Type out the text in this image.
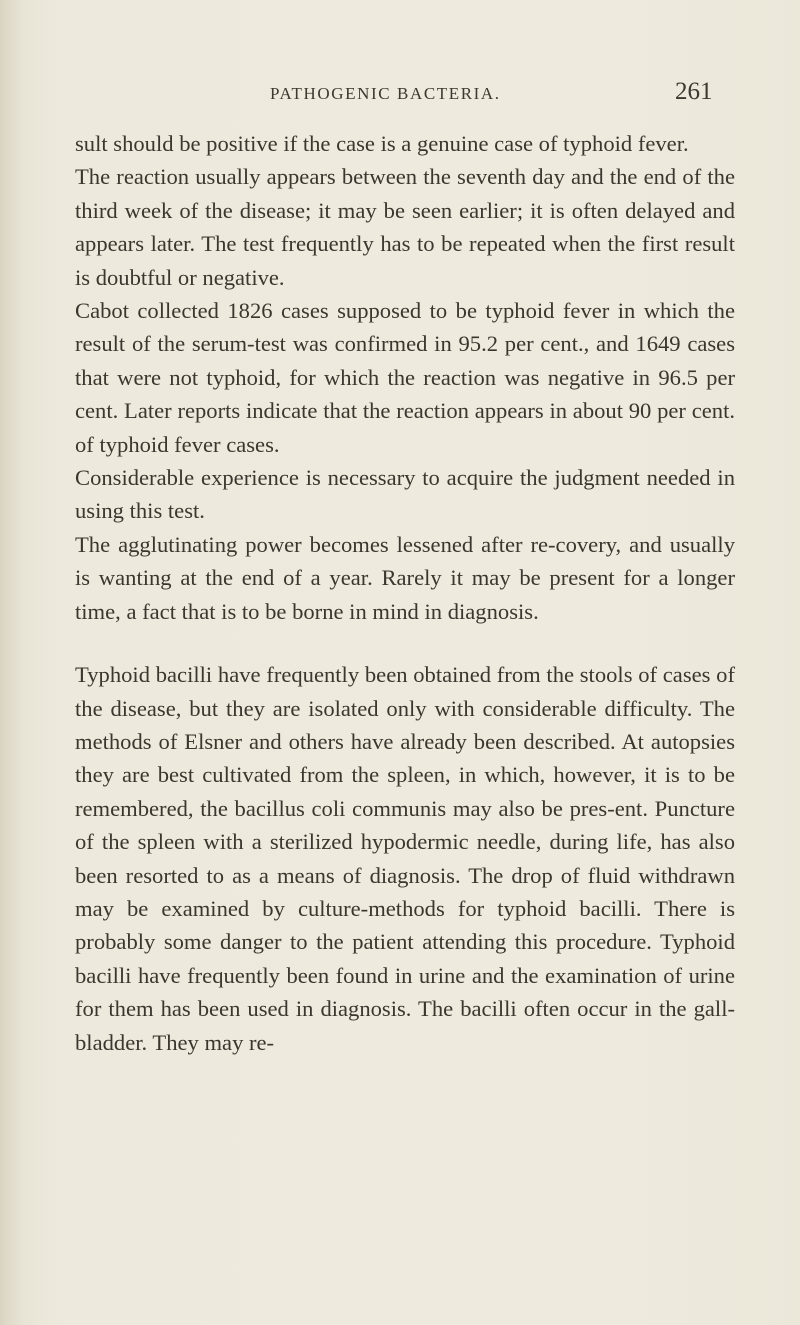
PATHOGENIC BACTERIA.	261

sult should be positive if the case is a genuine case of typhoid fever.

The reaction usually appears between the seventh day and the end of the third week of the disease; it may be seen earlier; it is often delayed and appears later. The test frequently has to be repeated when the first result is doubtful or negative.

Cabot collected 1826 cases supposed to be typhoid fever in which the result of the serum-test was confirmed in 95.2 per cent., and 1649 cases that were not typhoid, for which the reaction was negative in 96.5 per cent. Later reports indicate that the reaction appears in about 90 per cent. of typhoid fever cases.

Considerable experience is necessary to acquire the judgment needed in using this test.

The agglutinating power becomes lessened after re-covery, and usually is wanting at the end of a year. Rarely it may be present for a longer time, a fact that is to be borne in mind in diagnosis.

Typhoid bacilli have frequently been obtained from the stools of cases of the disease, but they are isolated only with considerable difficulty. The methods of Elsner and others have already been described. At autopsies they are best cultivated from the spleen, in which, however, it is to be remembered, the bacillus coli communis may also be pres-ent. Puncture of the spleen with a sterilized hypodermic needle, during life, has also been resorted to as a means of diagnosis. The drop of fluid withdrawn may be examined by culture-methods for typhoid bacilli. There is probably some danger to the patient attending this procedure. Typhoid bacilli have frequently been found in urine and the examination of urine for them has been used in diagnosis. The bacilli often occur in the gall-bladder. They may re-
